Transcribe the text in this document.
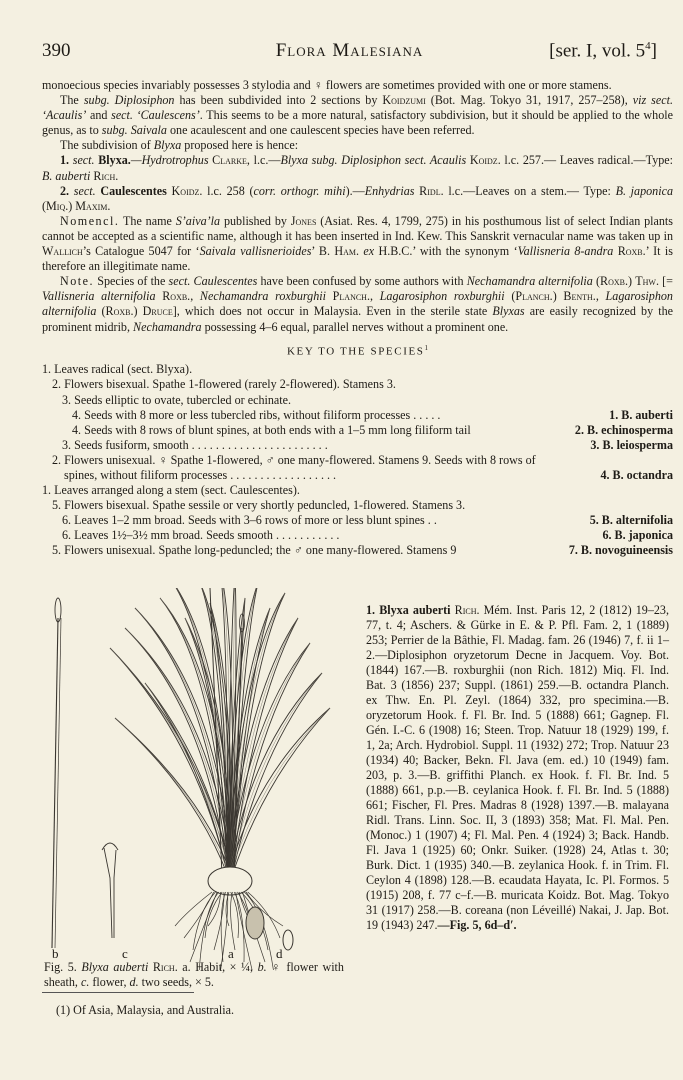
390	Flora Malesiana	[ser. I, vol. $5^4$]

monoecious species invariably possesses 3 stylodia and ♀ flowers are sometimes provided with one or more stamens.

The subg. Diplosiphon has been subdivided into 2 sections by Koidzumi (Bot. Mag. Tokyo 31, 1917, 257–258), viz sect. ‘Acaulis’ and sect. ‘Caulescens’. This seems to be a more natural, satisfactory subdivision, but it should be applied to the whole genus, as to subg. Saivala one acaulescent and one caulescent species have been referred.

The subdivision of Blyxa proposed here is hence:

1. sect. Blyxa.—Hydrotrophus Clarke, l.c.—Blyxa subg. Diplosiphon sect. Acaulis Koidz. l.c. 257.— Leaves radical.—Type: B. auberti Rich.

2. sect. Caulescentes Koidz. l.c. 258 (corr. orthogr. mihi).—Enhydrias Ridl. l.c.—Leaves on a stem.— Type: B. japonica (Miq.) Maxim.

Nomencl. The name S’aiva’la published by Jones (Asiat. Res. 4, 1799, 275) in his posthumous list of select Indian plants cannot be accepted as a scientific name, although it has been inserted in Ind. Kew. This Sanskrit vernacular name was taken up in Wallich’s Catalogue 5047 for ‘Saivala vallisnerioides’ B. Ham. ex H.B.C.’ with the synonym ‘Vallisneria 8-andra Roxb.’ It is therefore an illegitimate name.

Note. Species of the sect. Caulescentes have been confused by some authors with Nechamandra alternifolia (Roxb.) Thw. [= Vallisneria alternifolia Roxb., Nechamandra roxburghii Planch., Lagarosiphon roxburghii (Planch.) Benth., Lagarosiphon alternifolia (Roxb.) Druce], which does not occur in Malaysia. Even in the sterile state Blyxas are easily recognized by the prominent midrib, Nechamandra possessing 4–6 equal, parallel nerves without a prominent one.

KEY TO THE SPECIES$^1$
1. Leaves radical (sect. Blyxa).
2. Flowers bisexual. Spathe 1-flowered (rarely 2-flowered). Stamens 3.
3. Seeds elliptic to ovate, tubercled or echinate.
4. Seeds with 8 more or less tubercled ribs, without filiform processes . . . . .	1. B. auberti
4. Seeds with 8 rows of blunt spines, at both ends with a 1–5 mm long filiform tail	2. B. echinosperma
3. Seeds fusiform, smooth . . . . . . . . . . . . . . . . . . . . . . .	3. B. leiosperma
2. Flowers unisexual. ♀ Spathe 1-flowered, ♂ one many-flowered. Stamens 9. Seeds with 8 rows of
spines, without filiform processes . . . . . . . . . . . . . . . . . .	4. B. octandra
1. Leaves arranged along a stem (sect. Caulescentes).
5. Flowers bisexual. Spathe sessile or very shortly peduncled, 1-flowered. Stamens 3.
6. Leaves 1–2 mm broad. Seeds with 3–6 rows of more or less blunt spines . .	5. B. alternifolia
6. Leaves 1½–3½ mm broad. Seeds smooth . . . . . . . . . . .	6. B. japonica
5. Flowers unisexual. Spathe long-peduncled; the ♂ one many-flowered. Stamens 9	7. B. novoguineensis
b	c	a	d

Fig. 5. Blyxa auberti Rich. a. Habit, × ¼, b. ♀ flower with sheath, c. flower, d. two seeds, × 5.

1. Blyxa auberti Rich. Mém. Inst. Paris 12, 2 (1812) 19–23, 77, t. 4; Aschers. & Gürke in E. & P. Pfl. Fam. 2, 1 (1889) 253; Perrier de la Bâthie, Fl. Madag. fam. 26 (1946) 7, f. ii 1–2.—Diplosiphon oryzetorum Decne in Jacquem. Voy. Bot. (1844) 167.—B. roxburghii (non Rich. 1812) Miq. Fl. Ind. Bat. 3 (1856) 237; Suppl. (1861) 259.—B. octandra Planch. ex Thw. En. Pl. Zeyl. (1864) 332, pro specimina.—B. oryzetorum Hook. f. Fl. Br. Ind. 5 (1888) 661; Gagnep. Fl. Gén. I.-C. 6 (1908) 16; Steen. Trop. Natuur 18 (1929) 199, f. 1, 2a; Arch. Hydrobiol. Suppl. 11 (1932) 272; Trop. Natuur 23 (1934) 40; Backer, Bekn. Fl. Java (em. ed.) 10 (1949) fam. 203, p. 3.—B. griffithi Planch. ex Hook. f. Fl. Br. Ind. 5 (1888) 661, p.p.—B. ceylanica Hook. f. Fl. Br. Ind. 5 (1888) 661; Fischer, Fl. Pres. Madras 8 (1928) 1397.—B. malayana Ridl. Trans. Linn. Soc. II, 3 (1893) 358; Mat. Fl. Mal. Pen. (Monoc.) 1 (1907) 4; Fl. Mal. Pen. 4 (1924) 3; Back. Handb. Fl. Java 1 (1925) 60; Onkr. Suiker. (1928) 24, Atlas t. 30; Burk. Dict. 1 (1935) 340.—B. zeylanica Hook. f. in Trim. Fl. Ceylon 4 (1898) 128.—B. ecaudata Hayata, Ic. Pl. Formos. 5 (1915) 208, f. 77 c–f.—B. muricata Koidz. Bot. Mag. Tokyo 31 (1917) 258.—B. coreana (non Léveillé) Nakai, J. Jap. Bot. 19 (1943) 247.—Fig. 5, 6d–d′.

(1) Of Asia, Malaysia, and Australia.
